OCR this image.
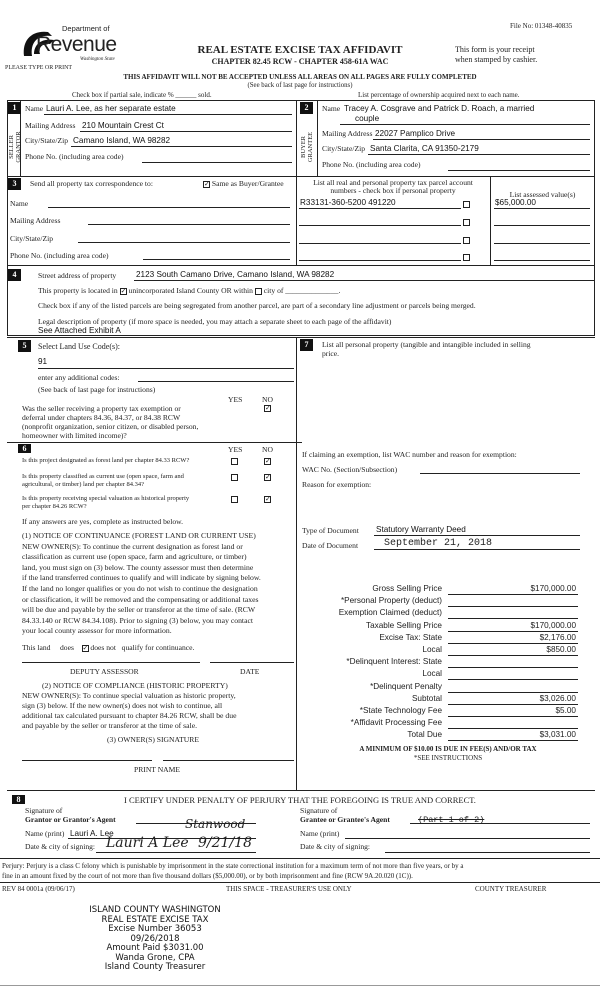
File No: 01348-40835
Department of
Revenue
Washington State
PLEASE TYPE OR PRINT
REAL ESTATE EXCISE TAX AFFIDAVIT
CHAPTER 82.45 RCW - CHAPTER 458-61A WAC
This form is your receipt
when stamped by cashier.
THIS AFFIDAVIT WILL NOT BE ACCEPTED UNLESS ALL AREAS ON ALL PAGES ARE FULLY COMPLETED
(See back of last page for instructions)
Check box if partial sale, indicate % ______ sold.	List percentage of ownership acquired next to each name.
1
SELLER GRANTOR
Name Lauri A. Lee, as her separate estate
Mailing Address 210 Mountain Crest Ct
City/State/Zip Camano Island, WA 98282
Phone No. (including area code)
2
BUYER GRANTEE
Name Tracey A. Cosgrave and Patrick D. Roach, a married
couple
Mailing Address 22027 Pamplico Drive
City/State/Zip Santa Clarita, CA 91350-2179
Phone No. (including area code)
3	Send all property tax correspondence to:	✓ Same as Buyer/Grantee
Name
Mailing Address
City/State/Zip
Phone No. (including area code)
List all real and personal property tax parcel account
numbers - check box if personal property	List assessed value(s)
R33131-360-5200 491220	$65,000.00
4	Street address of property 2123 South Camano Drive, Camano Island, WA 98282
This property is located in ✓ unincorporated Island County OR within city of ______________.
Check box if any of the listed parcels are being segregated from another parcel, are part of a secondary line adjustment or parcels being merged.
Legal description of property (if more space is needed, you may attach a separate sheet to each page of the affidavit)
See Attached Exhibit A
5	Select Land Use Code(s):
91
enter any additional codes:
(See back of last page for instructions)
YES	NO
Was the seller receiving a property tax exemption or
deferral under chapters 84.36, 84.37, or 84.38 RCW
(nonprofit organization, senior citizen, or disabled person,
homeowner with limited income)?
✓
6	YES	NO
Is this project designated as forest land per chapter 84.33 RCW?	✓
Is this property classified as current use (open space, farm and
agricultural, or timber) land per chapter 84.34?
✓
Is this property receiving special valuation as historical property
per chapter 84.26 RCW?
✓
If any answers are yes, complete as instructed below.
(1) NOTICE OF CONTINUANCE (FOREST LAND OR CURRENT USE)
NEW OWNER(S): To continue the current designation as forest land or
classification as current use (open space, farm and agriculture, or timber)
land, you must sign on (3) below. The county assessor must then determine
if the land transferred continues to qualify and will indicate by signing below.
If the land no longer qualifies or you do not wish to continue the designation
or classification, it will be removed and the compensating or additional taxes
will be due and payable by the seller or transferor at the time of sale. (RCW
84.33.140 or RCW 84.34.108). Prior to signing (3) below, you may contact
your local county assessor for more information.
This land does ✓ does not qualify for continuance.
DEPUTY ASSESSOR	DATE
(2) NOTICE OF COMPLIANCE (HISTORIC PROPERTY)
NEW OWNER(S): To continue special valuation as historic property,
sign (3) below. If the new owner(s) does not wish to continue, all
additional tax calculated pursuant to chapter 84.26 RCW, shall be due
and payable by the seller or transferor at the time of sale.
(3) OWNER(S) SIGNATURE
PRINT NAME
7	List all personal property (tangible and intangible included in selling
price.
If claiming an exemption, list WAC number and reason for exemption:
WAC No. (Section/Subsection)
Reason for exemption:
Type of Document Statutory Warranty Deed
Date of Document	September 21, 2018
Gross Selling Price	$170,000.00
*Personal Property (deduct)
Exemption Claimed (deduct)
Taxable Selling Price	$170,000.00
Excise Tax: State	$2,176.00
Local	$850.00
*Delinquent Interest: State
Local
*Delinquent Penalty
Subtotal	$3,026.00
*State Technology Fee	$5.00
*Affidavit Processing Fee
Total Due	$3,031.00
A MINIMUM OF $10.00 IS DUE IN FEE(S) AND/OR TAX
*SEE INSTRUCTIONS
8	I CERTIFY UNDER PENALTY OF PERJURY THAT THE FOREGOING IS TRUE AND CORRECT.
Signature of
Grantor or Grantor's Agent
Name (print) Lauri A. Lee
Stanwood
Date & city of signing: Lauri A Lee 9/21/18
Signature of
Grantee or Grantee's Agent	(Part 1 of 2)
Name (print)
Date & city of signing:
Perjury: Perjury is a class C felony which is punishable by imprisonment in the state correctional institution for a maximum term of not more than five years, or by a
fine in an amount fixed by the court of not more than five thousand dollars ($5,000.00), or by both imprisonment and fine (RCW 9A.20.020 (1C)).
REV 84 0001a (09/06/17)	THIS SPACE - TREASURER'S USE ONLY	COUNTY TREASURER
ISLAND COUNTY WASHINGTON
REAL ESTATE EXCISE TAX
Excise Number 36053
09/26/2018
Amount Paid $3031.00
Wanda Grone, CPA
Island County Treasurer
